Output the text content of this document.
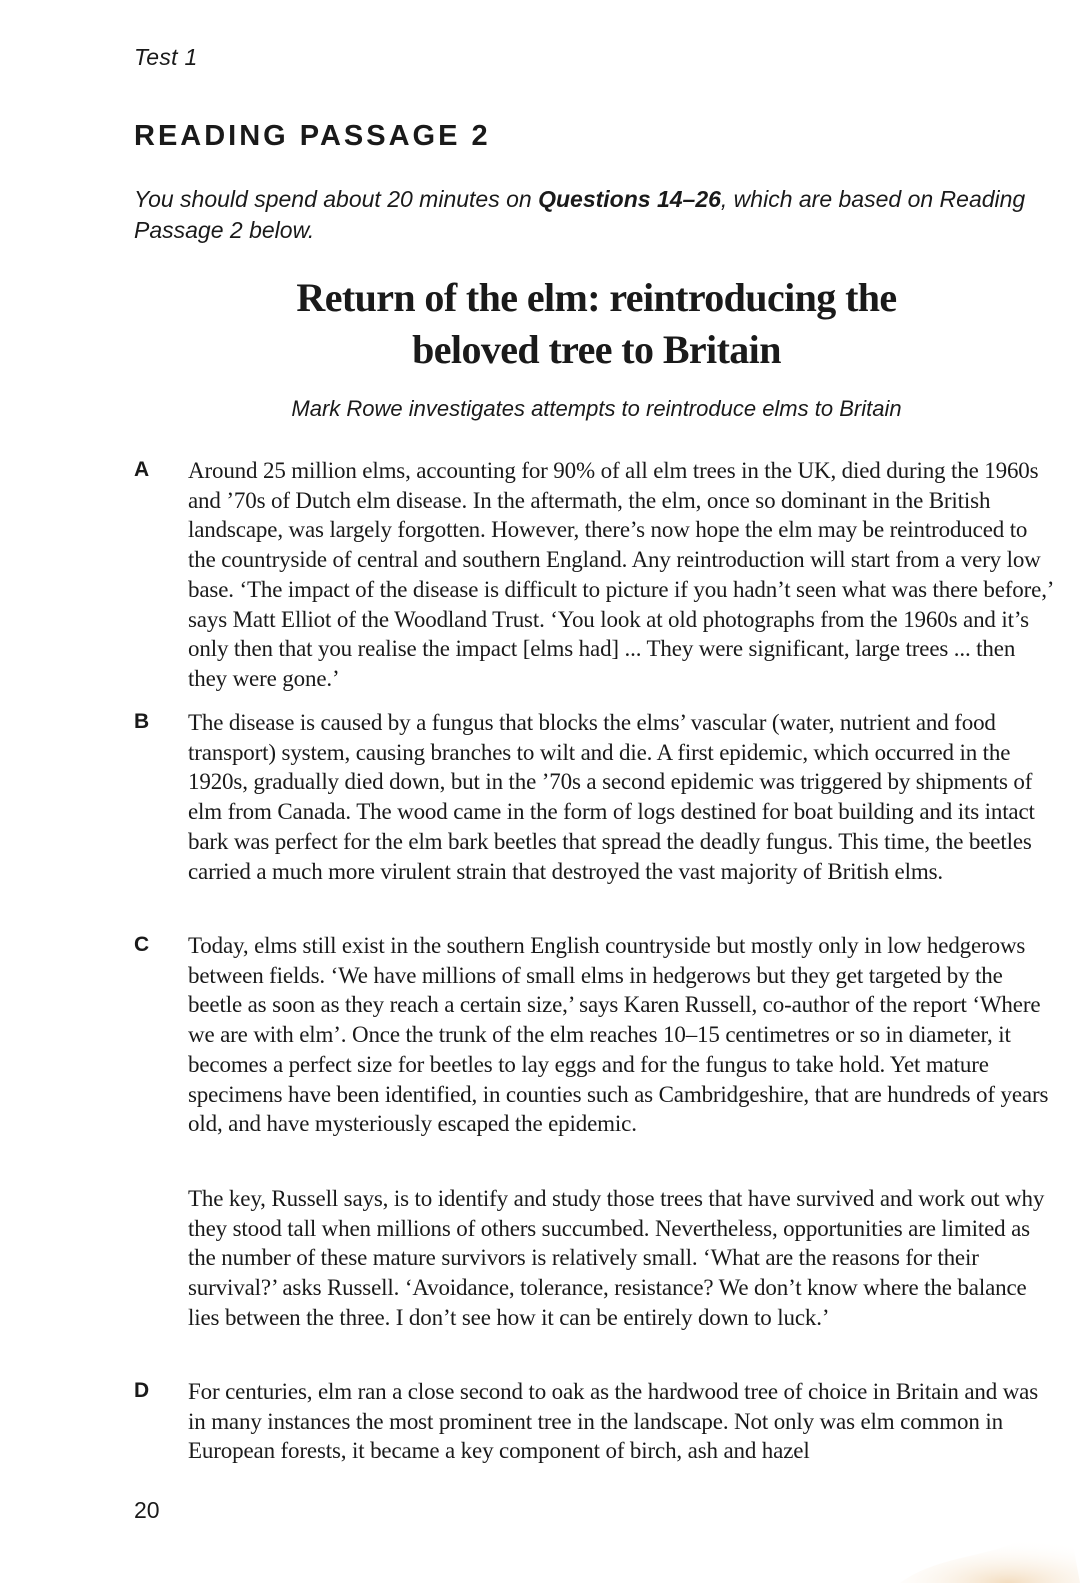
Test 1
READING PASSAGE 2
You should spend about 20 minutes on Questions 14–26, which are based on Reading Passage 2 below.
Return of the elm: reintroducing the
beloved tree to Britain
Mark Rowe investigates attempts to reintroduce elms to Britain
A Around 25 million elms, accounting for 90% of all elm trees in the UK, died during the 1960s and ’70s of Dutch elm disease. In the aftermath, the elm, once so dominant in the British landscape, was largely forgotten. However, there’s now hope the elm may be reintroduced to the countryside of central and southern England. Any reintroduction will start from a very low base. ‘The impact of the disease is difficult to picture if you hadn’t seen what was there before,’ says Matt Elliot of the Woodland Trust. ‘You look at old photographs from the 1960s and it’s only then that you realise the impact [elms had] ... They were significant, large trees ... then they were gone.’
B The disease is caused by a fungus that blocks the elms’ vascular (water, nutrient and food transport) system, causing branches to wilt and die. A first epidemic, which occurred in the 1920s, gradually died down, but in the ’70s a second epidemic was triggered by shipments of elm from Canada. The wood came in the form of logs destined for boat building and its intact bark was perfect for the elm bark beetles that spread the deadly fungus. This time, the beetles carried a much more virulent strain that destroyed the vast majority of British elms.
C Today, elms still exist in the southern English countryside but mostly only in low hedgerows between fields. ‘We have millions of small elms in hedgerows but they get targeted by the beetle as soon as they reach a certain size,’ says Karen Russell, co-author of the report ‘Where we are with elm’. Once the trunk of the elm reaches 10–15 centimetres or so in diameter, it becomes a perfect size for beetles to lay eggs and for the fungus to take hold. Yet mature specimens have been identified, in counties such as Cambridgeshire, that are hundreds of years old, and have mysteriously escaped the epidemic.
The key, Russell says, is to identify and study those trees that have survived and work out why they stood tall when millions of others succumbed. Nevertheless, opportunities are limited as the number of these mature survivors is relatively small. ‘What are the reasons for their survival?’ asks Russell. ‘Avoidance, tolerance, resistance? We don’t know where the balance lies between the three. I don’t see how it can be entirely down to luck.’
D For centuries, elm ran a close second to oak as the hardwood tree of choice in Britain and was in many instances the most prominent tree in the landscape. Not only was elm common in European forests, it became a key component of birch, ash and hazel
20
